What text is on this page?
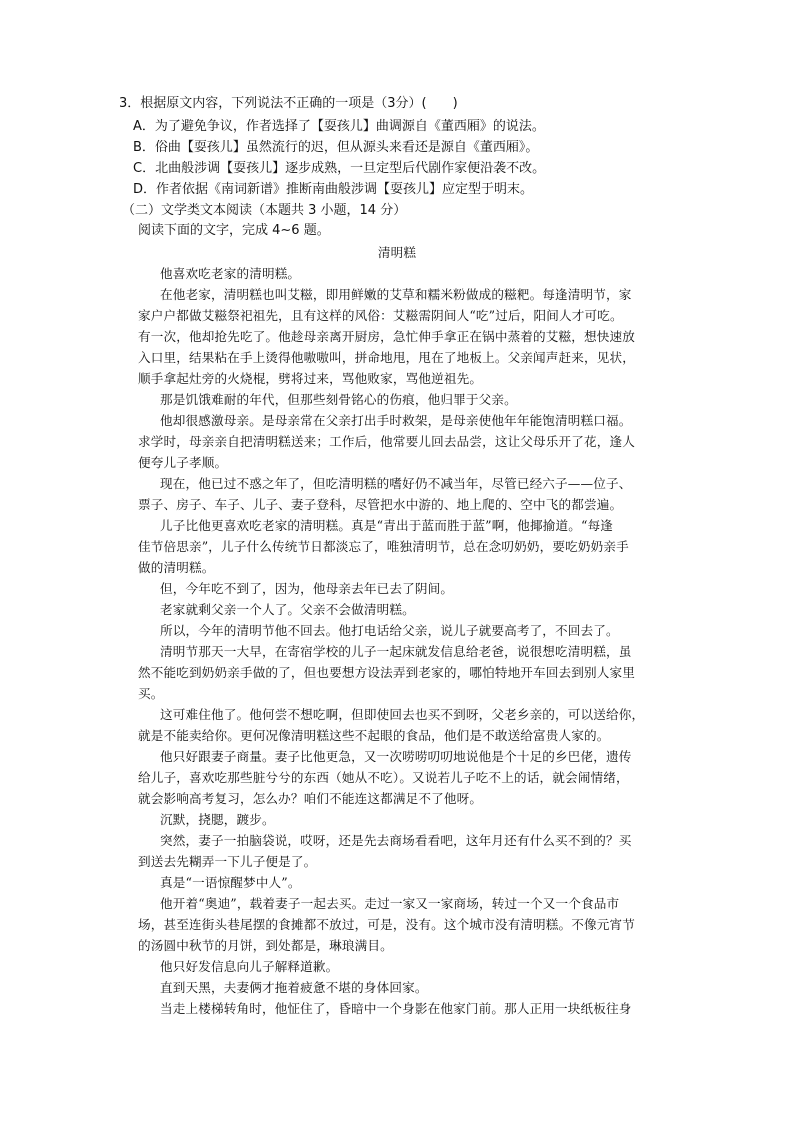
3．根据原文内容，下列说法不正确的一项是（3分）(　　)
A．为了避免争议，作者选择了【耍孩儿】曲调源自《董西厢》的说法。
B．俗曲【耍孩儿】虽然流行的迟，但从源头来看还是源自《董西厢》。
C．北曲般涉调【耍孩儿】逐步成熟，一旦定型后代剧作家便沿袭不改。
D．作者依据《南词新谱》推断南曲般涉调【耍孩儿】应定型于明末。
（二）文学类文本阅读（本题共 3 小题，14 分）
阅读下面的文字，完成 4~6 题。
清明糕
他喜欢吃老家的清明糕。
在他老家，清明糕也叫艾糍，即用鲜嫩的艾草和糯米粉做成的糍粑。每逢清明节，家
家户户都做艾糍祭祀祖先，且有这样的风俗：艾糍需阴间人“吃”过后，阳间人才可吃。
有一次，他却抢先吃了。他趁母亲离开厨房，急忙伸手拿正在锅中蒸着的艾糍，想快速放
入口里，结果粘在手上烫得他嗷嗷叫，拼命地甩，甩在了地板上。父亲闻声赶来，见状，
顺手拿起灶旁的火烧棍，劈将过来，骂他败家，骂他逆祖先。
那是饥饿难耐的年代，但那些刻骨铭心的伤痕，他归罪于父亲。
他却很感激母亲。是母亲常在父亲打出手时救架，是母亲使他年年能饱清明糕口福。
求学时，母亲亲自把清明糕送来；工作后，他常要儿回去品尝，这让父母乐开了花，逢人
便夸儿子孝顺。
现在，他已过不惑之年了，但吃清明糕的嗜好仍不减当年，尽管已经六子——位子、
票子、房子、车子、儿子、妻子登科，尽管把水中游的、地上爬的、空中飞的都尝遍。
儿子比他更喜欢吃老家的清明糕。真是“青出于蓝而胜于蓝”啊，他揶揄道。“每逢
佳节倍思亲”，儿子什么传统节日都淡忘了，唯独清明节，总在念叨奶奶，要吃奶奶亲手
做的清明糕。
但，今年吃不到了，因为，他母亲去年已去了阴间。
老家就剩父亲一个人了。父亲不会做清明糕。
所以，今年的清明节他不回去。他打电话给父亲，说儿子就要高考了，不回去了。
清明节那天一大早，在寄宿学校的儿子一起床就发信息给老爸，说很想吃清明糕，虽
然不能吃到奶奶亲手做的了，但也要想方设法弄到老家的，哪怕特地开车回去到别人家里
买。
这可难住他了。他何尝不想吃啊，但即使回去也买不到呀，父老乡亲的，可以送给你，
就是不能卖给你。更何况像清明糕这些不起眼的食品，他们是不敢送给富贵人家的。
他只好跟妻子商量。妻子比他更急，又一次唠唠叨叨地说他是个十足的乡巴佬，遗传
给儿子，喜欢吃那些脏兮兮的东西（她从不吃）。又说若儿子吃不上的话，就会闹情绪，
就会影响高考复习，怎么办？咱们不能连这都满足不了他呀。
沉默，挠腮，踱步。
突然，妻子一拍脑袋说，哎呀，还是先去商场看看吧，这年月还有什么买不到的？买
到送去先糊弄一下儿子便是了。
真是“一语惊醒梦中人”。
他开着“奥迪”，载着妻子一起去买。走过一家又一家商场，转过一个又一个食品市
场，甚至连街头巷尾摆的食摊都不放过，可是，没有。这个城市没有清明糕。不像元宵节
的汤圆中秋节的月饼，到处都是，琳琅满目。
他只好发信息向儿子解释道歉。
直到天黑，夫妻俩才拖着疲惫不堪的身体回家。
当走上楼梯转角时，他怔住了，昏暗中一个身影在他家门前。那人正用一块纸板往身
